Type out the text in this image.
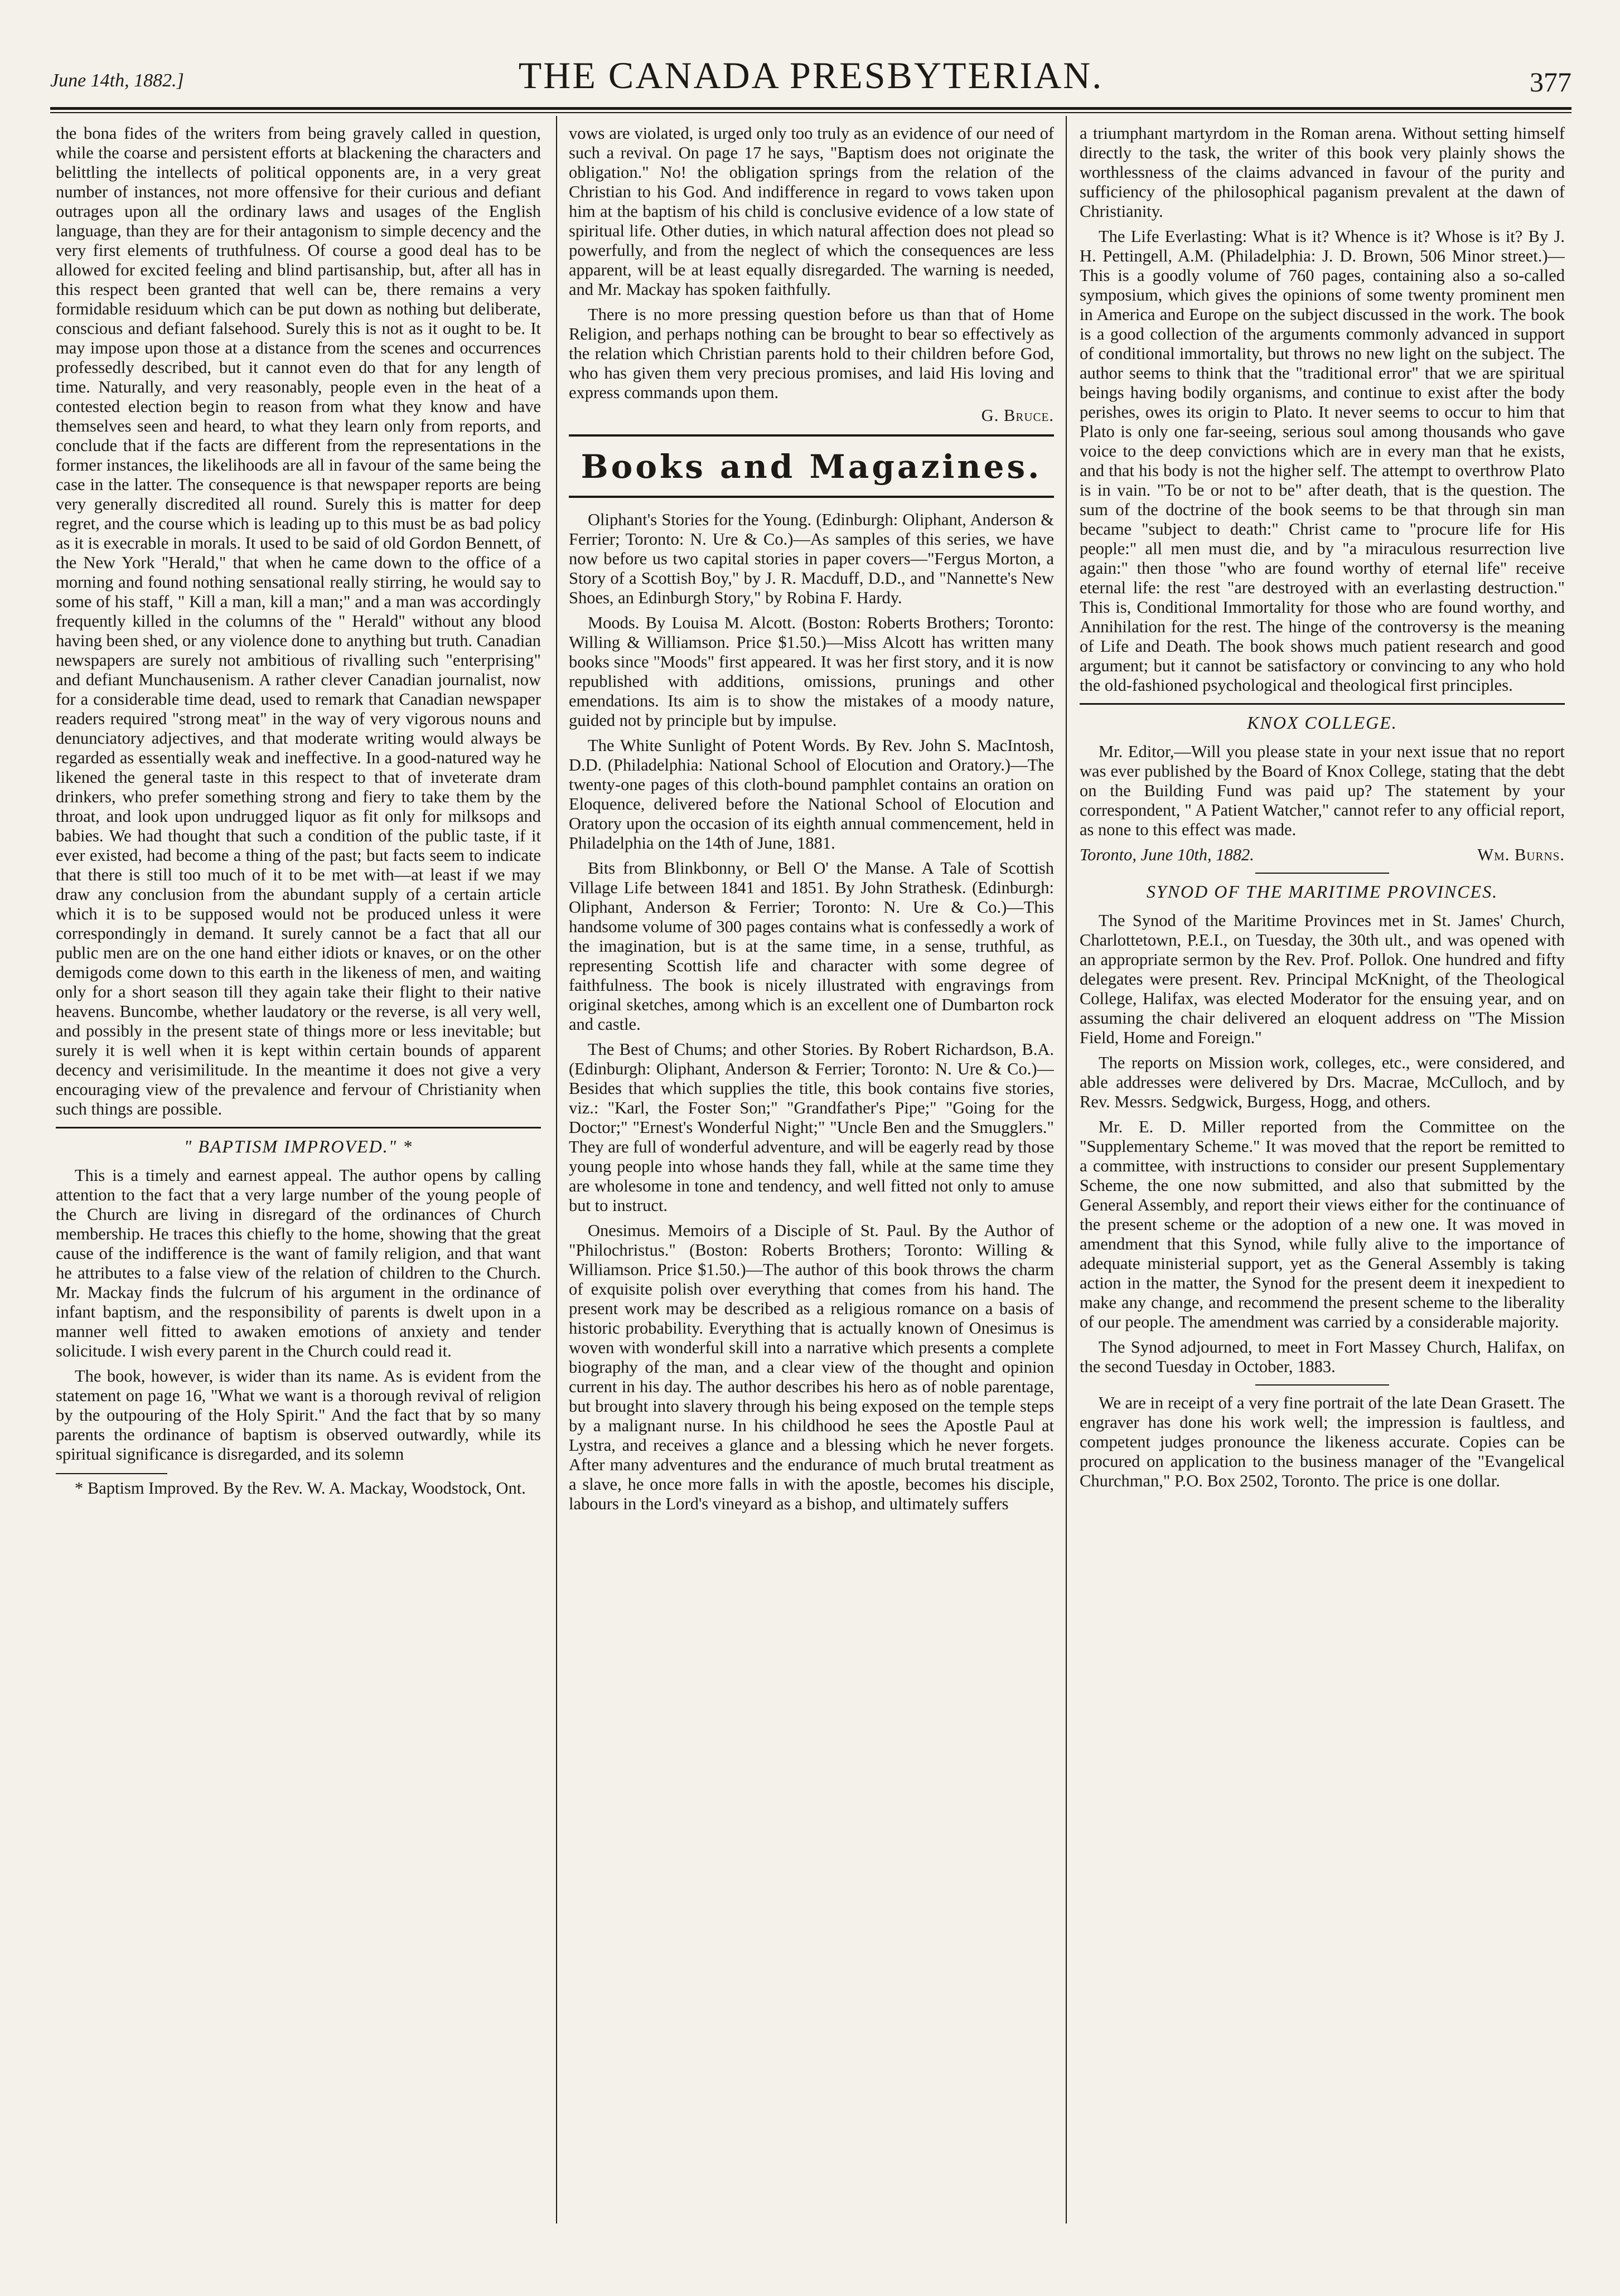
June 14th, 1882.]	THE CANADA PRESBYTERIAN.	377

the bona fides of the writers from being gravely called in question, while the coarse and persistent efforts at blackening the characters and belittling the intellects of political opponents are, in a very great number of instances, not more offensive for their curious and defiant outrages upon all the ordinary laws and usages of the English language, than they are for their antagonism to simple decency and the very first elements of truthfulness. Of course a good deal has to be allowed for excited feeling and blind partisanship, but, after all has in this respect been granted that well can be, there remains a very formidable residuum which can be put down as nothing but deliberate, conscious and defiant falsehood. Surely this is not as it ought to be. It may impose upon those at a distance from the scenes and occurrences professedly described, but it cannot even do that for any length of time. Naturally, and very reasonably, people even in the heat of a contested election begin to reason from what they know and have themselves seen and heard, to what they learn only from reports, and conclude that if the facts are different from the representations in the former instances, the likelihoods are all in favour of the same being the case in the latter. The consequence is that newspaper reports are being very generally discredited all round. Surely this is matter for deep regret, and the course which is leading up to this must be as bad policy as it is execrable in morals. It used to be said of old Gordon Bennett, of the New York "Herald," that when he came down to the office of a morning and found nothing sensational really stirring, he would say to some of his staff, " Kill a man, kill a man;" and a man was accordingly frequently killed in the columns of the " Herald" without any blood having been shed, or any violence done to anything but truth. Canadian newspapers are surely not ambitious of rivalling such "enterprising" and defiant Munchausenism. A rather clever Canadian journalist, now for a considerable time dead, used to remark that Canadian newspaper readers required "strong meat" in the way of very vigorous nouns and denunciatory adjectives, and that moderate writing would always be regarded as essentially weak and ineffective. In a good-natured way he likened the general taste in this respect to that of inveterate dram drinkers, who prefer something strong and fiery to take them by the throat, and look upon undrugged liquor as fit only for milksops and babies. We had thought that such a condition of the public taste, if it ever existed, had become a thing of the past; but facts seem to indicate that there is still too much of it to be met with—at least if we may draw any conclusion from the abundant supply of a certain article which it is to be supposed would not be produced unless it were correspondingly in demand. It surely cannot be a fact that all our public men are on the one hand either idiots or knaves, or on the other demigods come down to this earth in the likeness of men, and waiting only for a short season till they again take their flight to their native heavens. Buncombe, whether laudatory or the reverse, is all very well, and possibly in the present state of things more or less inevitable; but surely it is well when it is kept within certain bounds of apparent decency and verisimilitude. In the meantime it does not give a very encouraging view of the prevalence and fervour of Christianity when such things are possible.

" BAPTISM IMPROVED." *

This is a timely and earnest appeal. The author opens by calling attention to the fact that a very large number of the young people of the Church are living in disregard of the ordinances of Church membership. He traces this chiefly to the home, showing that the great cause of the indifference is the want of family religion, and that want he attributes to a false view of the relation of children to the Church. Mr. Mackay finds the fulcrum of his argument in the ordinance of infant baptism, and the responsibility of parents is dwelt upon in a manner well fitted to awaken emotions of anxiety and tender solicitude. I wish every parent in the Church could read it.

The book, however, is wider than its name. As is evident from the statement on page 16, "What we want is a thorough revival of religion by the outpouring of the Holy Spirit." And the fact that by so many parents the ordinance of baptism is observed outwardly, while its spiritual significance is disregarded, and its solemn

* Baptism Improved. By the Rev. W. A. Mackay, Woodstock, Ont.

vows are violated, is urged only too truly as an evidence of our need of such a revival. On page 17 he says, "Baptism does not originate the obligation." No! the obligation springs from the relation of the Christian to his God. And indifference in regard to vows taken upon him at the baptism of his child is conclusive evidence of a low state of spiritual life. Other duties, in which natural affection does not plead so powerfully, and from the neglect of which the consequences are less apparent, will be at least equally disregarded. The warning is needed, and Mr. Mackay has spoken faithfully.

There is no more pressing question before us than that of Home Religion, and perhaps nothing can be brought to bear so effectively as the relation which Christian parents hold to their children before God, who has given them very precious promises, and laid His loving and express commands upon them.

G. Bruce.

Books and Magazines.

Oliphant's Stories for the Young. (Edinburgh: Oliphant, Anderson & Ferrier; Toronto: N. Ure & Co.)—As samples of this series, we have now before us two capital stories in paper covers—"Fergus Morton, a Story of a Scottish Boy," by J. R. Macduff, D.D., and "Nannette's New Shoes, an Edinburgh Story," by Robina F. Hardy.

Moods. By Louisa M. Alcott. (Boston: Roberts Brothers; Toronto: Willing & Williamson. Price $1.50.)—Miss Alcott has written many books since "Moods" first appeared. It was her first story, and it is now republished with additions, omissions, prunings and other emendations. Its aim is to show the mistakes of a moody nature, guided not by principle but by impulse.

The White Sunlight of Potent Words. By Rev. John S. MacIntosh, D.D. (Philadelphia: National School of Elocution and Oratory.)—The twenty-one pages of this cloth-bound pamphlet contains an oration on Eloquence, delivered before the National School of Elocution and Oratory upon the occasion of its eighth annual commencement, held in Philadelphia on the 14th of June, 1881.

Bits from Blinkbonny, or Bell O' the Manse. A Tale of Scottish Village Life between 1841 and 1851. By John Strathesk. (Edinburgh: Oliphant, Anderson & Ferrier; Toronto: N. Ure & Co.)—This handsome volume of 300 pages contains what is confessedly a work of the imagination, but is at the same time, in a sense, truthful, as representing Scottish life and character with some degree of faithfulness. The book is nicely illustrated with engravings from original sketches, among which is an excellent one of Dumbarton rock and castle.

The Best of Chums; and other Stories. By Robert Richardson, B.A. (Edinburgh: Oliphant, Anderson & Ferrier; Toronto: N. Ure & Co.)—Besides that which supplies the title, this book contains five stories, viz.: "Karl, the Foster Son;" "Grandfather's Pipe;" "Going for the Doctor;" "Ernest's Wonderful Night;" "Uncle Ben and the Smugglers." They are full of wonderful adventure, and will be eagerly read by those young people into whose hands they fall, while at the same time they are wholesome in tone and tendency, and well fitted not only to amuse but to instruct.

Onesimus. Memoirs of a Disciple of St. Paul. By the Author of "Philochristus." (Boston: Roberts Brothers; Toronto: Willing & Williamson. Price $1.50.)—The author of this book throws the charm of exquisite polish over everything that comes from his hand. The present work may be described as a religious romance on a basis of historic probability. Everything that is actually known of Onesimus is woven with wonderful skill into a narrative which presents a complete biography of the man, and a clear view of the thought and opinion current in his day. The author describes his hero as of noble parentage, but brought into slavery through his being exposed on the temple steps by a malignant nurse. In his childhood he sees the Apostle Paul at Lystra, and receives a glance and a blessing which he never forgets. After many adventures and the endurance of much brutal treatment as a slave, he once more falls in with the apostle, becomes his disciple, labours in the Lord's vineyard as a bishop, and ultimately suffers

a triumphant martyrdom in the Roman arena. Without setting himself directly to the task, the writer of this book very plainly shows the worthlessness of the claims advanced in favour of the purity and sufficiency of the philosophical paganism prevalent at the dawn of Christianity.

The Life Everlasting: What is it? Whence is it? Whose is it? By J. H. Pettingell, A.M. (Philadelphia: J. D. Brown, 506 Minor street.)—This is a goodly volume of 760 pages, containing also a so-called symposium, which gives the opinions of some twenty prominent men in America and Europe on the subject discussed in the work. The book is a good collection of the arguments commonly advanced in support of conditional immortality, but throws no new light on the subject. The author seems to think that the "traditional error" that we are spiritual beings having bodily organisms, and continue to exist after the body perishes, owes its origin to Plato. It never seems to occur to him that Plato is only one far-seeing, serious soul among thousands who gave voice to the deep convictions which are in every man that he exists, and that his body is not the higher self. The attempt to overthrow Plato is in vain. "To be or not to be" after death, that is the question. The sum of the doctrine of the book seems to be that through sin man became "subject to death:" Christ came to "procure life for His people:" all men must die, and by "a miraculous resurrection live again:" then those "who are found worthy of eternal life" receive eternal life: the rest "are destroyed with an everlasting destruction." This is, Conditional Immortality for those who are found worthy, and Annihilation for the rest. The hinge of the controversy is the meaning of Life and Death. The book shows much patient research and good argument; but it cannot be satisfactory or convincing to any who hold the old-fashioned psychological and theological first principles.

KNOX COLLEGE.

Mr. Editor,—Will you please state in your next issue that no report was ever published by the Board of Knox College, stating that the debt on the Building Fund was paid up? The statement by your correspondent, " A Patient Watcher," cannot refer to any official report, as none to this effect was made.

Toronto, June 10th, 1882.	Wm. Burns.

SYNOD OF THE MARITIME PROVINCES.

The Synod of the Maritime Provinces met in St. James' Church, Charlottetown, P.E.I., on Tuesday, the 30th ult., and was opened with an appropriate sermon by the Rev. Prof. Pollok. One hundred and fifty delegates were present. Rev. Principal McKnight, of the Theological College, Halifax, was elected Moderator for the ensuing year, and on assuming the chair delivered an eloquent address on "The Mission Field, Home and Foreign."

The reports on Mission work, colleges, etc., were considered, and able addresses were delivered by Drs. Macrae, McCulloch, and by Rev. Messrs. Sedgwick, Burgess, Hogg, and others.

Mr. E. D. Miller reported from the Committee on the "Supplementary Scheme." It was moved that the report be remitted to a committee, with instructions to consider our present Supplementary Scheme, the one now submitted, and also that submitted by the General Assembly, and report their views either for the continuance of the present scheme or the adoption of a new one. It was moved in amendment that this Synod, while fully alive to the importance of adequate ministerial support, yet as the General Assembly is taking action in the matter, the Synod for the present deem it inexpedient to make any change, and recommend the present scheme to the liberality of our people. The amendment was carried by a considerable majority.

The Synod adjourned, to meet in Fort Massey Church, Halifax, on the second Tuesday in October, 1883.

We are in receipt of a very fine portrait of the late Dean Grasett. The engraver has done his work well; the impression is faultless, and competent judges pronounce the likeness accurate. Copies can be procured on application to the business manager of the "Evangelical Churchman," P.O. Box 2502, Toronto. The price is one dollar.
